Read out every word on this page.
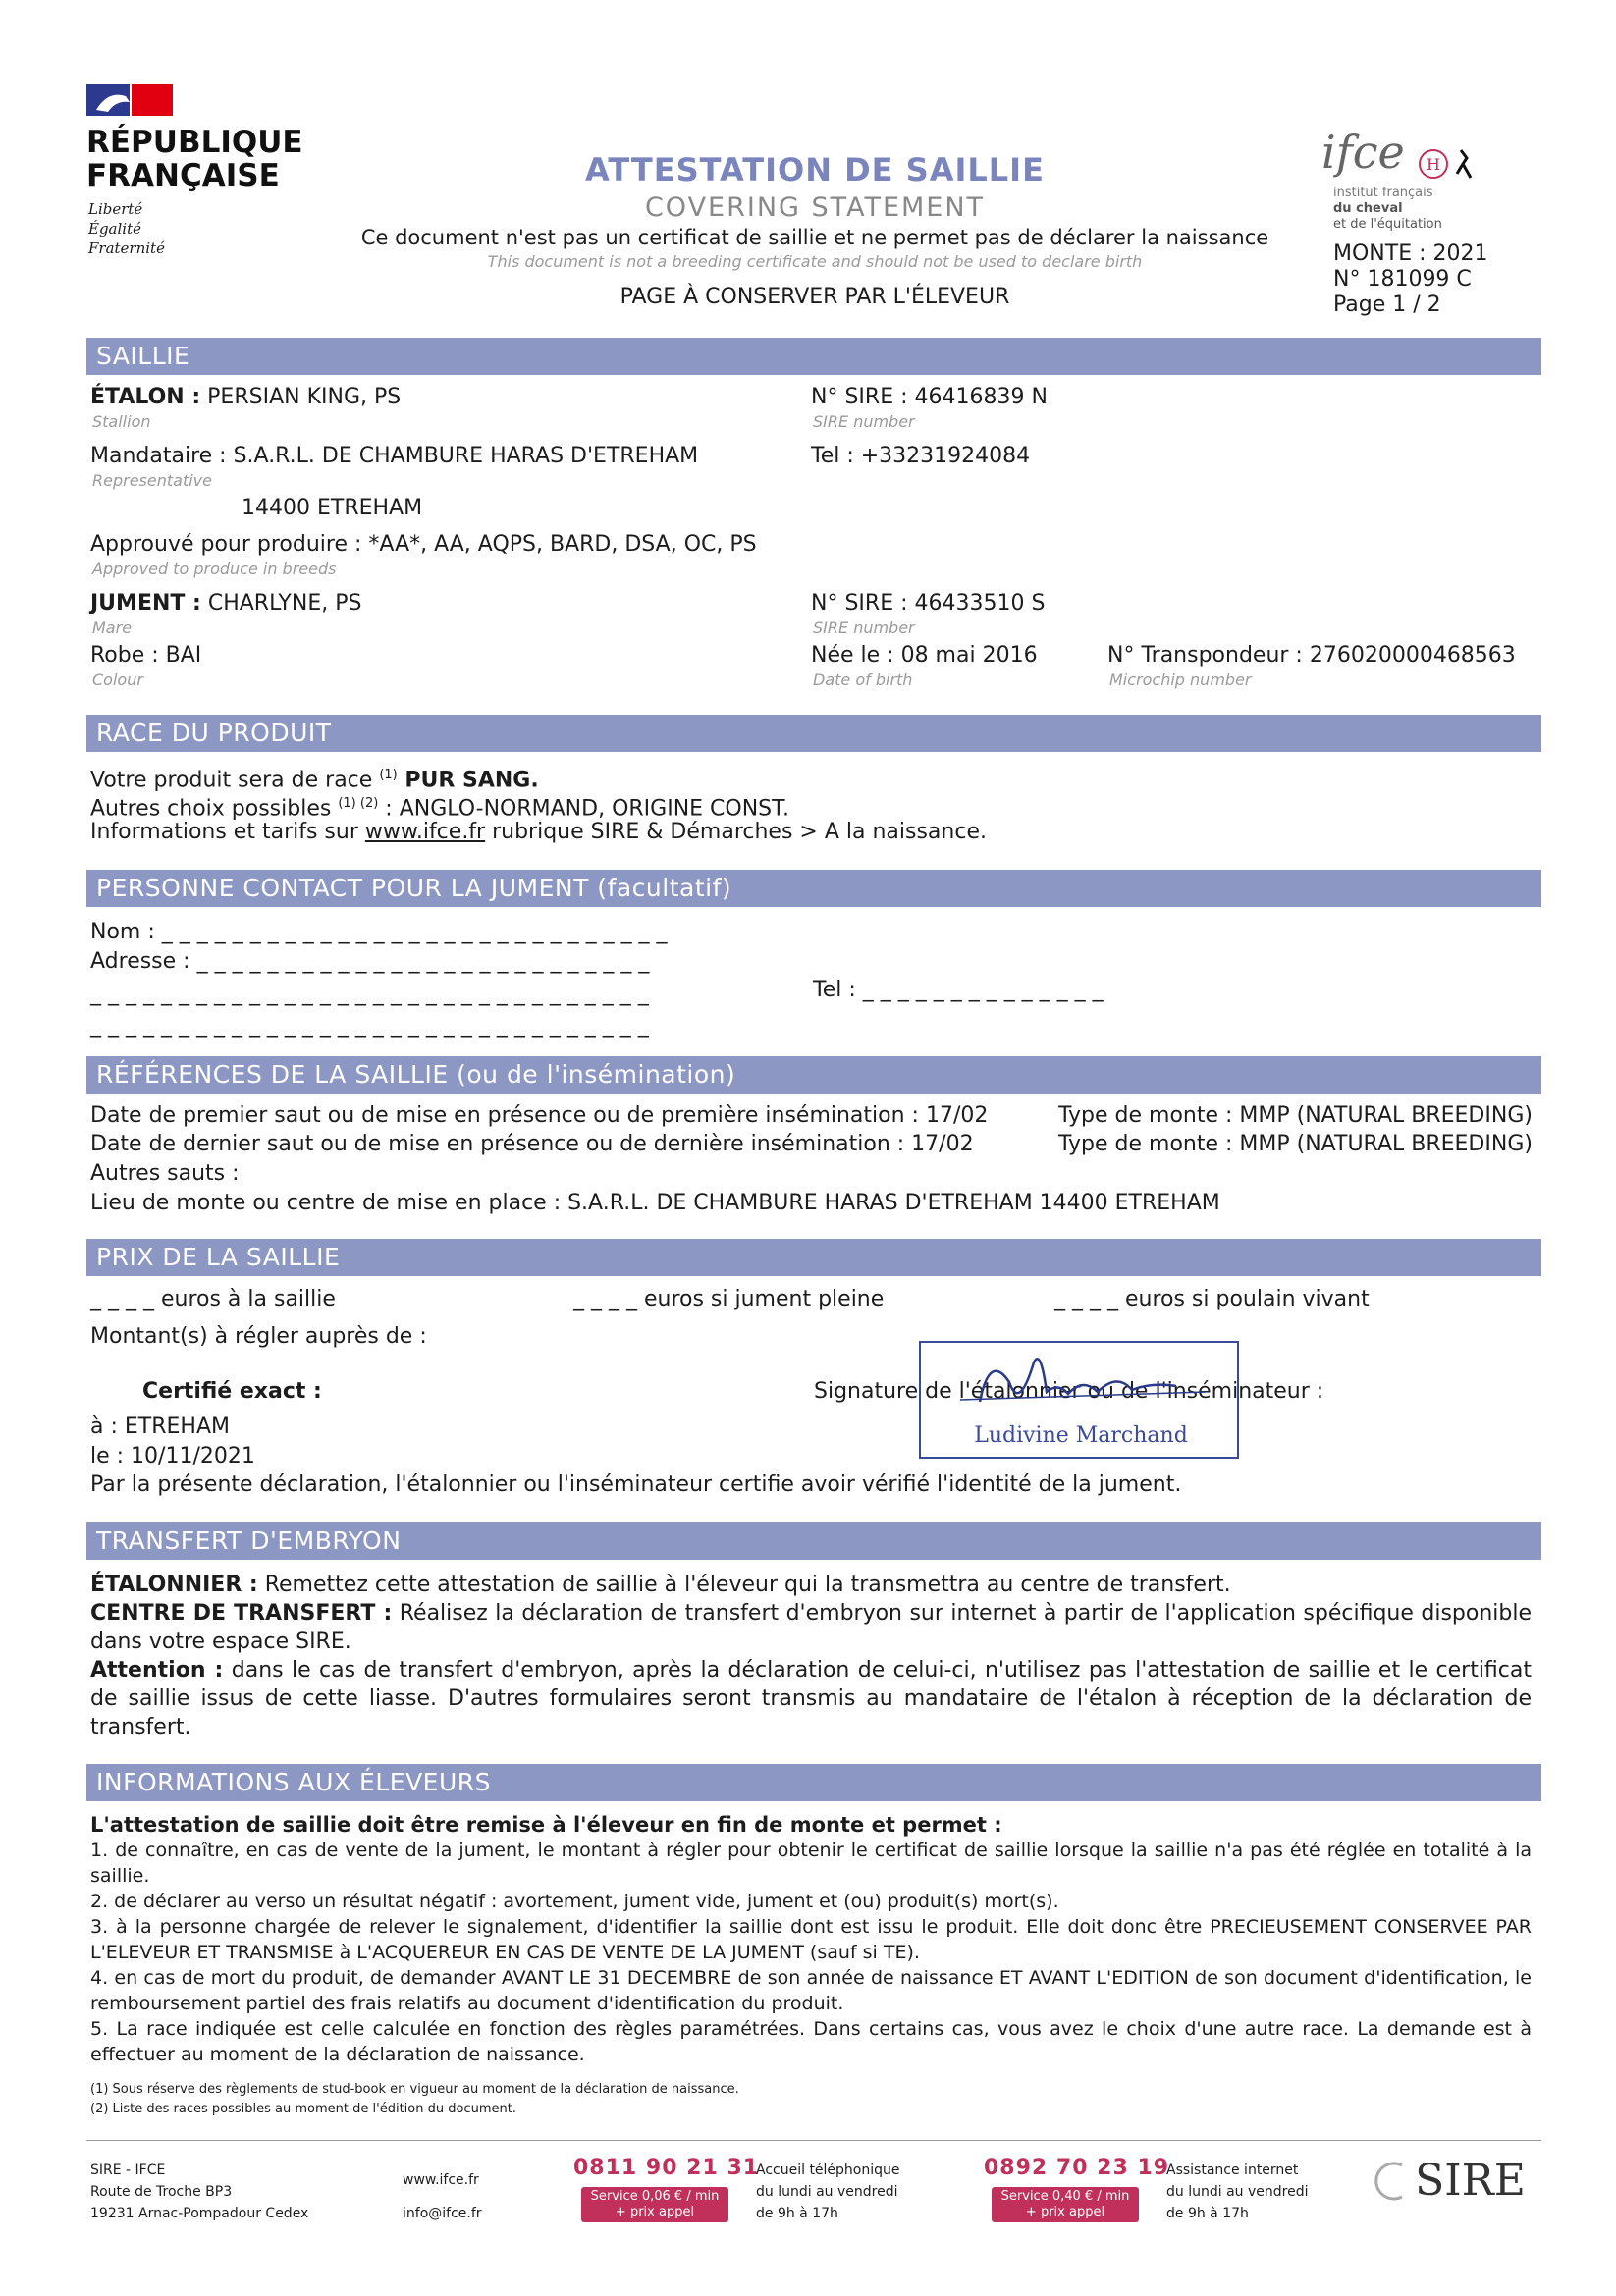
RÉPUBLIQUE
FRANÇAISE
Liberté
Égalité
Fraternité
ATTESTATION DE SAILLIE
COVERING STATEMENT
Ce document n'est pas un certificat de saillie et ne permet pas de déclarer la naissance
This document is not a breeding certificate and should not be used to declare birth
PAGE À CONSERVER PAR L'ÉLEVEUR
ifce H
institut français
du cheval
et de l'équitation
MONTE : 2021
N° 181099 C
Page 1 / 2
SAILLIE
ÉTALON : PERSIAN KING, PS
Stallion
N° SIRE : 46416839 N
SIRE number
Mandataire : S.A.R.L. DE CHAMBURE HARAS D'ETREHAM
Representative
Tel : +33231924084
14400 ETREHAM
Approuvé pour produire : *AA*, AA, AQPS, BARD, DSA, OC, PS
Approved to produce in breeds
JUMENT : CHARLYNE, PS
Mare
N° SIRE : 46433510 S
SIRE number
Robe : BAI
Colour
Née le : 08 mai 2016
Date of birth
N° Transpondeur : 276020000468563
Microchip number
RACE DU PRODUIT
Votre produit sera de race $^{(1)}$ PUR SANG.
Autres choix possibles $^{(1) (2)}$ : ANGLO-NORMAND, ORIGINE CONST.
Informations et tarifs sur www.ifce.fr rubrique SIRE & Démarches > A la naissance.
PERSONNE CONTACT POUR LA JUMENT (facultatif)
Nom : _ _ _ _ _ _ _ _ _ _ _ _ _ _ _ _ _ _ _ _ _ _ _ _ _ _ _ _ _
Adresse : _ _ _ _ _ _ _ _ _ _ _ _ _ _ _ _ _ _ _ _ _ _ _ _ _ _
_ _ _ _ _ _ _ _ _ _ _ _ _ _ _ _ _ _ _ _ _ _ _ _ _ _ _ _ _ _ _ _
_ _ _ _ _ _ _ _ _ _ _ _ _ _ _ _ _ _ _ _ _ _ _ _ _ _ _ _ _ _ _ _
Tel : _ _ _ _ _ _ _ _ _ _ _ _ _ _
RÉFÉRENCES DE LA SAILLIE (ou de l'insémination)
Date de premier saut ou de mise en présence ou de première insémination : 17/02
Date de dernier saut ou de mise en présence ou de dernière insémination : 17/02
Type de monte : MMP (NATURAL BREEDING)
Type de monte : MMP (NATURAL BREEDING)
Autres sauts :
Lieu de monte ou centre de mise en place : S.A.R.L. DE CHAMBURE HARAS D'ETREHAM 14400 ETREHAM
PRIX DE LA SAILLIE
_ _ _ _ euros à la saillie	_ _ _ _ euros si jument pleine	_ _ _ _ euros si poulain vivant
Montant(s) à régler auprès de :
Certifié exact :	Signature de l'étalonnier ou de l'inséminateur :
Ludivine Marchand
à : ETREHAM
le : 10/11/2021
Par la présente déclaration, l'étalonnier ou l'inséminateur certifie avoir vérifié l'identité de la jument.
TRANSFERT D'EMBRYON
ÉTALONNIER : Remettez cette attestation de saillie à l'éleveur qui la transmettra au centre de transfert.
CENTRE DE TRANSFERT : Réalisez la déclaration de transfert d'embryon sur internet à partir de l'application spécifique disponible dans votre espace SIRE.
Attention : dans le cas de transfert d'embryon, après la déclaration de celui-ci, n'utilisez pas l'attestation de saillie et le certificat de saillie issus de cette liasse. D'autres formulaires seront transmis au mandataire de l'étalon à réception de la déclaration de transfert.
INFORMATIONS AUX ÉLEVEURS
L'attestation de saillie doit être remise à l'éleveur en fin de monte et permet :
1. de connaître, en cas de vente de la jument, le montant à régler pour obtenir le certificat de saillie lorsque la saillie n'a pas été réglée en totalité à la saillie.
2. de déclarer au verso un résultat négatif : avortement, jument vide, jument et (ou) produit(s) mort(s).
3. à la personne chargée de relever le signalement, d'identifier la saillie dont est issu le produit. Elle doit donc être PRECIEUSEMENT CONSERVEE PAR L'ELEVEUR ET TRANSMISE à L'ACQUEREUR EN CAS DE VENTE DE LA JUMENT (sauf si TE).
4. en cas de mort du produit, de demander AVANT LE 31 DECEMBRE de son année de naissance ET AVANT L'EDITION de son document d'identification, le remboursement partiel des frais relatifs au document d'identification du produit.
5. La race indiquée est celle calculée en fonction des règles paramétrées. Dans certains cas, vous avez le choix d'une autre race. La demande est à effectuer au moment de la déclaration de naissance.
(1) Sous réserve des règlements de stud-book en vigueur au moment de la déclaration de naissance.
(2) Liste des races possibles au moment de l'édition du document.
SIRE - IFCE
Route de Troche BP3
19231 Arnac-Pompadour Cedex
www.ifce.fr
info@ifce.fr
0811 90 21 31
Service 0,06 € / min
+ prix appel
Accueil téléphonique
du lundi au vendredi
de 9h à 17h
0892 70 23 19
Service 0,40 € / min
+ prix appel
Assistance internet
du lundi au vendredi
de 9h à 17h
SIRE
